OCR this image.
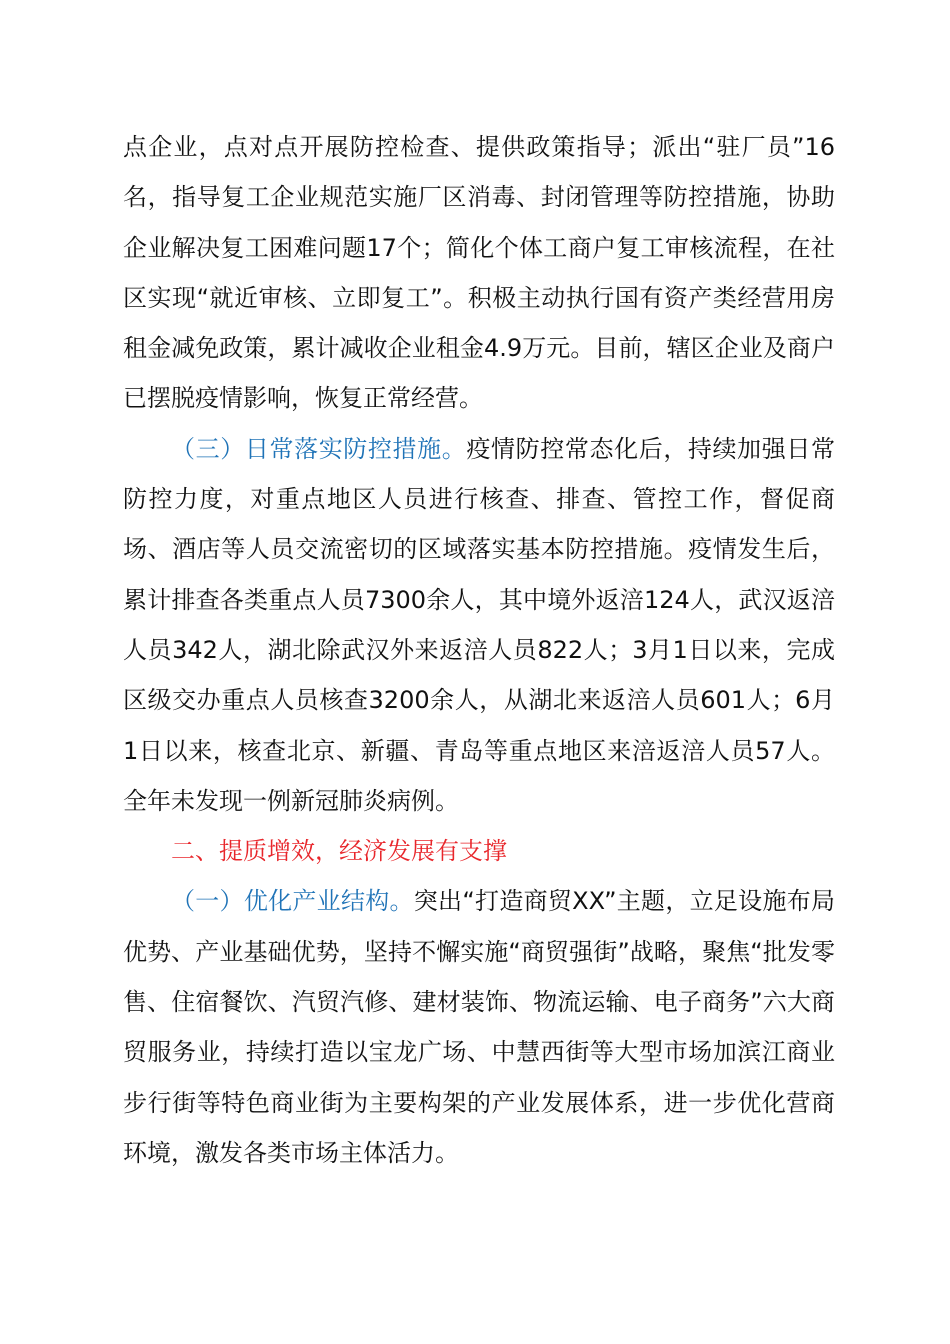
点企业，点对点开展防控检查、提供政策指导；派出“驻厂员”16名，指导复工企业规范实施厂区消毒、封闭管理等防控措施，协助企业解决复工困难问题17个；简化个体工商户复工审核流程，在社区实现“就近审核、立即复工”。积极主动执行国有资产类经营用房租金减免政策，累计减收企业租金4.9万元。目前，辖区企业及商户已摆脱疫情影响，恢复正常经营。

（三）日常落实防控措施。疫情防控常态化后，持续加强日常防控力度，对重点地区人员进行核查、排查、管控工作，督促商场、酒店等人员交流密切的区域落实基本防控措施。疫情发生后，累计排查各类重点人员7300余人，其中境外返涪124人，武汉返涪人员342人，湖北除武汉外来返涪人员822人；3月1日以来，完成区级交办重点人员核查3200余人，从湖北来返涪人员601人；6月1日以来，核查北京、新疆、青岛等重点地区来涪返涪人员57人。全年未发现一例新冠肺炎病例。

二、提质增效，经济发展有支撑

（一）优化产业结构。突出“打造商贸XX”主题，立足设施布局优势、产业基础优势，坚持不懈实施“商贸强街”战略，聚焦“批发零售、住宿餐饮、汽贸汽修、建材装饰、物流运输、电子商务”六大商贸服务业，持续打造以宝龙广场、中慧西街等大型市场加滨江商业步行街等特色商业街为主要构架的产业发展体系，进一步优化营商环境，激发各类市场主体活力。
